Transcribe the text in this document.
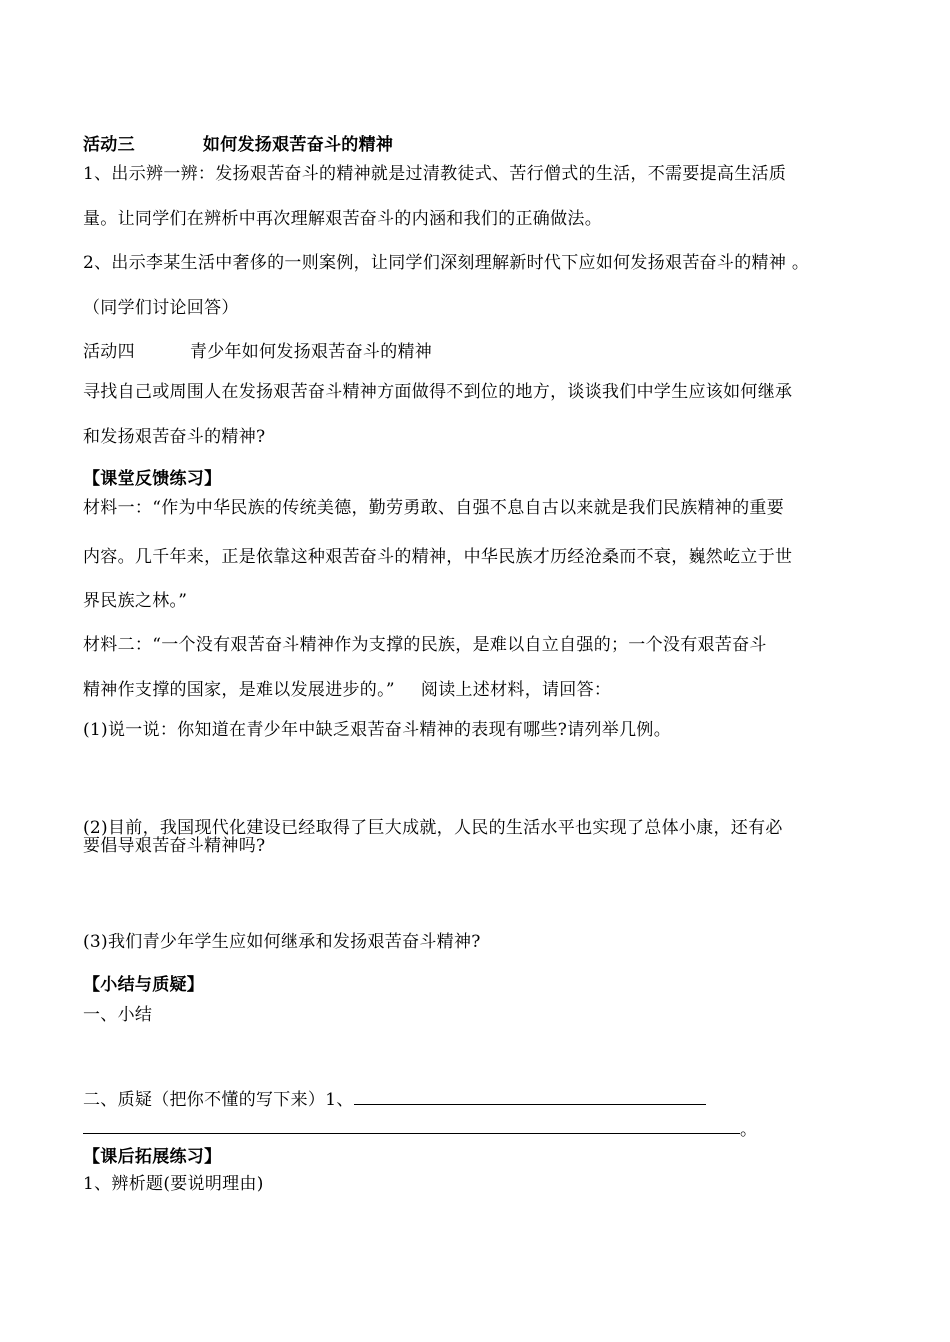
活动三	如何发扬艰苦奋斗的精神
1、出示辨一辨：发扬艰苦奋斗的精神就是过清教徒式、苦行僧式的生活，不需要提高生活质
量。让同学们在辨析中再次理解艰苦奋斗的内涵和我们的正确做法。
2、出示李某生活中奢侈的一则案例，让同学们深刻理解新时代下应如何发扬艰苦奋斗的精神 。
（同学们讨论回答）
活动四	青少年如何发扬艰苦奋斗的精神
寻找自己或周围人在发扬艰苦奋斗精神方面做得不到位的地方，谈谈我们中学生应该如何继承
和发扬艰苦奋斗的精神?
【课堂反馈练习】
材料一：“作为中华民族的传统美德，勤劳勇敢、自强不息自古以来就是我们民族精神的重要
内容。几千年来，正是依靠这种艰苦奋斗的精神，中华民族才历经沧桑而不衰，巍然屹立于世
界民族之林。”
材料二：“一个没有艰苦奋斗精神作为支撑的民族，是难以自立自强的；一个没有艰苦奋斗
精神作支撑的国家，是难以发展进步的。” 阅读上述材料，请回答：
(1)说一说：你知道在青少年中缺乏艰苦奋斗精神的表现有哪些?请列举几例。
(2)目前，我国现代化建设已经取得了巨大成就，人民的生活水平也实现了总体小康，还有必
要倡导艰苦奋斗精神吗?
(3)我们青少年学生应如何继承和发扬艰苦奋斗精神?
【小结与质疑】
一、小结
二、质疑（把你不懂的写下来）1、
。
【课后拓展练习】
1、辨析题(要说明理由)
